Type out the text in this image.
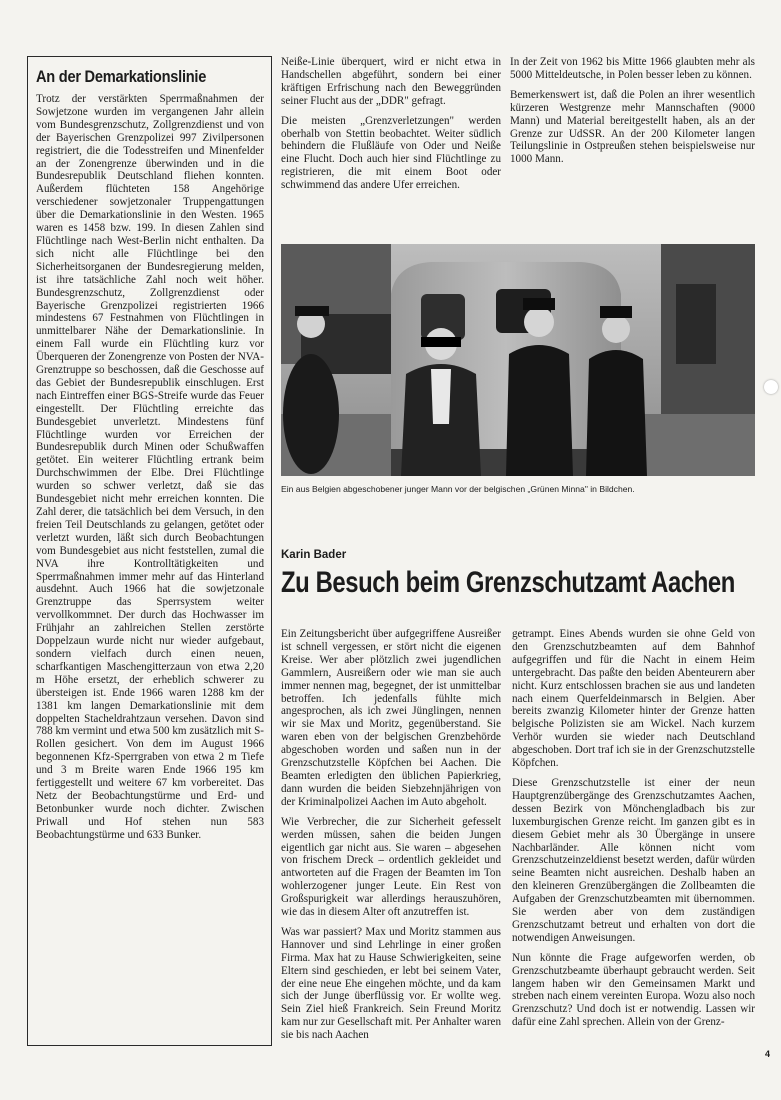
An der Demarkationslinie

Trotz der verstärkten Sperrmaßnahmen der Sowjetzone wurden im vergangenen Jahr allein vom Bundesgrenzschutz, Zollgrenzdienst und von der Bayerischen Grenzpolizei 997 Zivilpersonen registriert, die die Todesstreifen und Minenfelder an der Zonengrenze überwinden und in die Bundesrepublik Deutschland fliehen konnten. Außerdem flüchteten 158 Angehörige verschiedener sowjetzonaler Truppengattungen über die Demarkationslinie in den Westen. 1965 waren es 1458 bzw. 199. In diesen Zahlen sind Flüchtlinge nach West-Berlin nicht enthalten. Da sich nicht alle Flüchtlinge bei den Sicherheitsorganen der Bundesregierung melden, ist ihre tatsächliche Zahl noch weit höher. Bundesgrenzschutz, Zollgrenzdienst oder Bayerische Grenzpolizei registrierten 1966 mindestens 67 Festnahmen von Flüchtlingen in unmittelbarer Nähe der Demarkationslinie. In einem Fall wurde ein Flüchtling kurz vor Überqueren der Zonengrenze von Posten der NVA-Grenztruppe so beschossen, daß die Geschosse auf das Gebiet der Bundesrepublik einschlugen. Erst nach Eintreffen einer BGS-Streife wurde das Feuer eingestellt. Der Flüchtling erreichte das Bundesgebiet unverletzt. Mindestens fünf Flüchtlinge wurden vor Erreichen der Bundesrepublik durch Minen oder Schußwaffen getötet. Ein weiterer Flüchtling ertrank beim Durchschwimmen der Elbe. Drei Flüchtlinge wurden so schwer verletzt, daß sie das Bundesgebiet nicht mehr erreichen konnten. Die Zahl derer, die tatsächlich bei dem Versuch, in den freien Teil Deutschlands zu gelangen, getötet oder verletzt wurden, läßt sich durch Beobachtungen vom Bundesgebiet aus nicht feststellen, zumal die NVA ihre Kontrolltätigkeiten und Sperrmaßnahmen immer mehr auf das Hinterland ausdehnt. Auch 1966 hat die sowjetzonale Grenztruppe das Sperrsystem weiter vervollkommnet. Der durch das Hochwasser im Frühjahr an zahlreichen Stellen zerstörte Doppelzaun wurde nicht nur wieder aufgebaut, sondern vielfach durch einen neuen, scharfkantigen Maschengitterzaun von etwa 2,20 m Höhe ersetzt, der erheblich schwerer zu übersteigen ist. Ende 1966 waren 1288 km der 1381 km langen Demarkationslinie mit dem doppelten Stacheldrahtzaun versehen. Davon sind 788 km vermint und etwa 500 km zusätzlich mit S-Rollen gesichert. Von dem im August 1966 begonnenen Kfz-Sperrgraben von etwa 2 m Tiefe und 3 m Breite waren Ende 1966 195 km fertiggestellt und weitere 67 km vorbereitet. Das Netz der Beobachtungstürme und Erd- und Betonbunker wurde noch dichter. Zwischen Priwall und Hof stehen nun 583 Beobachtungstürme und 633 Bunker.

Neiße-Linie überquert, wird er nicht etwa in Handschellen abgeführt, sondern bei einer kräftigen Erfrischung nach den Beweggründen seiner Flucht aus der „DDR" gefragt.

Die meisten „Grenzverletzungen" werden oberhalb von Stettin beobachtet. Weiter südlich behindern die Flußläufe von Oder und Neiße eine Flucht. Doch auch hier sind Flüchtlinge zu registrieren, die mit einem Boot oder schwimmend das andere Ufer erreichen.

In der Zeit von 1962 bis Mitte 1966 glaubten mehr als 5000 Mitteldeutsche, in Polen besser leben zu können.

Bemerkenswert ist, daß die Polen an ihrer wesentlich kürzeren Westgrenze mehr Mannschaften (9000 Mann) und Material bereitgestellt haben, als an der Grenze zur UdSSR. An der 200 Kilometer langen Teilungslinie in Ostpreußen stehen beispielsweise nur 1000 Mann.

Ein aus Belgien abgeschobener junger Mann vor der belgischen „Grünen Minna" in Bildchen.
Karin Bader
Zu Besuch beim Grenzschutzamt Aachen

Ein Zeitungsbericht über aufgegriffene Ausreißer ist schnell vergessen, er stört nicht die eigenen Kreise. Wer aber plötzlich zwei jugendlichen Gammlern, Ausreißern oder wie man sie auch immer nennen mag, begegnet, der ist unmittelbar betroffen. Ich jedenfalls fühlte mich angesprochen, als ich zwei Jünglingen, nennen wir sie Max und Moritz, gegenüberstand. Sie waren eben von der belgischen Grenzbehörde abgeschoben worden und saßen nun in der Grenzschutzstelle Köpfchen bei Aachen. Die Beamten erledigten den üblichen Papierkrieg, dann wurden die beiden Siebzehnjährigen von der Kriminalpolizei Aachen im Auto abgeholt.

Wie Verbrecher, die zur Sicherheit gefesselt werden müssen, sahen die beiden Jungen eigentlich gar nicht aus. Sie waren – abgesehen von frischem Dreck – ordentlich gekleidet und antworteten auf die Fragen der Beamten im Ton wohlerzogener junger Leute. Ein Rest von Großspurigkeit war allerdings herauszuhören, wie das in diesem Alter oft anzutreffen ist.

Was war passiert? Max und Moritz stammen aus Hannover und sind Lehrlinge in einer großen Firma. Max hat zu Hause Schwierigkeiten, seine Eltern sind geschieden, er lebt bei seinem Vater, der eine neue Ehe eingehen möchte, und da kam sich der Junge überflüssig vor. Er wollte weg. Sein Ziel hieß Frankreich. Sein Freund Moritz kam nur zur Gesellschaft mit. Per Anhalter waren sie bis nach Aachen

getrampt. Eines Abends wurden sie ohne Geld von den Grenzschutzbeamten auf dem Bahnhof aufgegriffen und für die Nacht in einem Heim untergebracht. Das paßte den beiden Abenteurern aber nicht. Kurz entschlossen brachen sie aus und landeten nach einem Querfeldeinmarsch in Belgien. Aber bereits zwanzig Kilometer hinter der Grenze hatten belgische Polizisten sie am Wickel. Nach kurzem Verhör wurden sie wieder nach Deutschland abgeschoben. Dort traf ich sie in der Grenzschutzstelle Köpfchen.

Diese Grenzschutzstelle ist einer der neun Hauptgrenzübergänge des Grenzschutzamtes Aachen, dessen Bezirk von Mönchengladbach bis zur luxemburgischen Grenze reicht. Im ganzen gibt es in diesem Gebiet mehr als 30 Übergänge in unsere Nachbarländer. Alle können nicht vom Grenzschutzeinzeldienst besetzt werden, dafür würden seine Beamten nicht ausreichen. Deshalb haben an den kleineren Grenzübergängen die Zollbeamten die Aufgaben der Grenzschutzbeamten mit übernommen. Sie werden aber von dem zuständigen Grenzschutzamt betreut und erhalten von dort die notwendigen Anweisungen.

Nun könnte die Frage aufgeworfen werden, ob Grenzschutzbeamte überhaupt gebraucht werden. Seit langem haben wir den Gemeinsamen Markt und streben nach einem vereinten Europa. Wozu also noch Grenzschutz? Und doch ist er notwendig. Lassen wir dafür eine Zahl sprechen. Allein von der Grenz-

4
